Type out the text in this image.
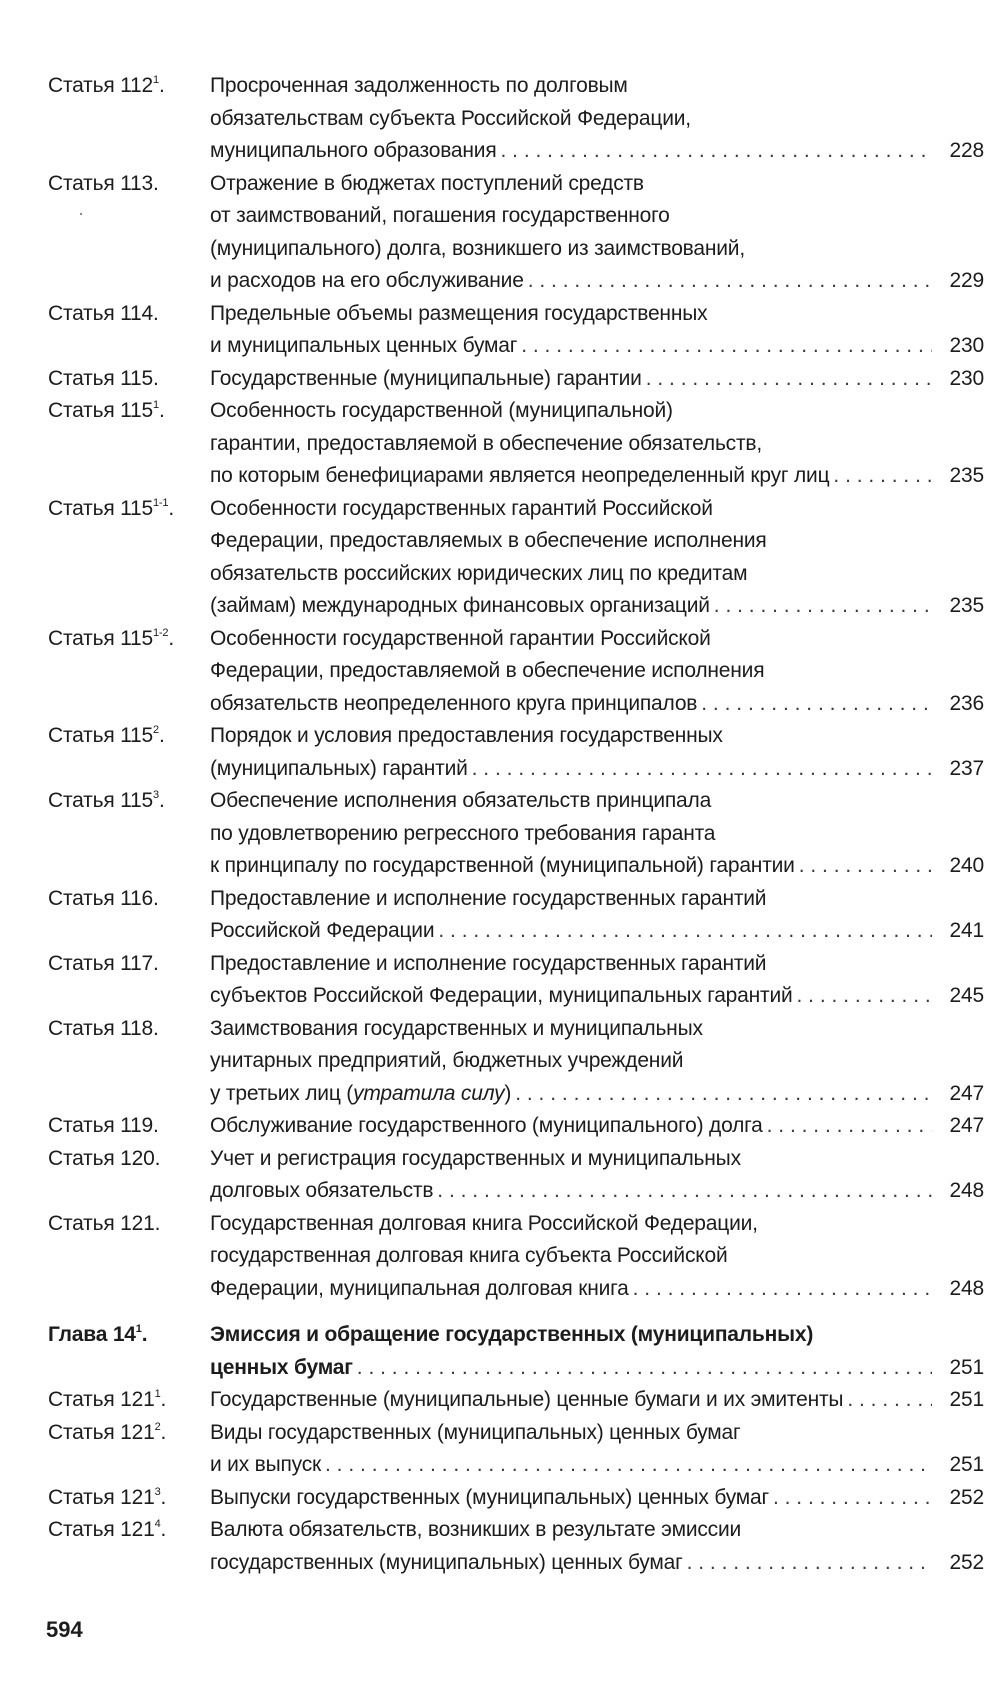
Статья $112^1$.	Просроченная задолженность по долговым
обязательствам субъекта Российской Федерации,
муниципального образования . . .	228
Статья 113.	Отражение в бюджетах поступлений средств
от заимствований, погашения государственного
(муниципального) долга, возникшего из заимствований,
и расходов на его обслуживание . . .	229
Статья 114.	Предельные объемы размещения государственных
и муниципальных ценных бумаг . . .	230
Статья 115.	Государственные (муниципальные) гарантии . . .	230
Статья $115^1$.	Особенность государственной (муниципальной)
гарантии, предоставляемой в обеспечение обязательств,
по которым бенефициарами является неопределенный круг лиц . . .	235
Статья 115$^{1-1}$.	Особенности государственных гарантий Российской
Федерации, предоставляемых в обеспечение исполнения
обязательств российских юридических лиц по кредитам
(займам) международных финансовых организаций . . .	235
Статья 115$^{1-2}$.	Особенности государственной гарантии Российской
Федерации, предоставляемой в обеспечение исполнения
обязательств неопределенного круга принципалов . . .	236
Статья $115^2$.	Порядок и условия предоставления государственных
(муниципальных) гарантий . . .	237
Статья $115^3$.	Обеспечение исполнения обязательств принципала
по удовлетворению регрессного требования гаранта
к принципалу по государственной (муниципальной) гарантии . . .	240
Статья 116.	Предоставление и исполнение государственных гарантий
Российской Федерации . . .	241
Статья 117.	Предоставление и исполнение государственных гарантий
субъектов Российской Федерации, муниципальных гарантий . . .	245
Статья 118.	Заимствования государственных и муниципальных
унитарных предприятий, бюджетных учреждений
у третьих лиц (утратила силу) . . .	247
Статья 119.	Обслуживание государственного (муниципального) долга . . .	247
Статья 120.	Учет и регистрация государственных и муниципальных
долговых обязательств . . .	248
Статья 121.	Государственная долговая книга Российской Федерации,
государственная долговая книга субъекта Российской
Федерации, муниципальная долговая книга . . .	248
Глава $14^1$.	Эмиссия и обращение государственных (муниципальных)
ценных бумаг . . .	251
Статья $121^1$.	Государственные (муниципальные) ценные бумаги и их эмитенты . . .	251
Статья $121^2$.	Виды государственных (муниципальных) ценных бумаг
и их выпуск . . .	251
Статья $121^3$.	Выпуски государственных (муниципальных) ценных бумаг . . .	252
Статья $121^4$.	Валюта обязательств, возникших в результате эмиссии
государственных (муниципальных) ценных бумаг . . .	252
594
